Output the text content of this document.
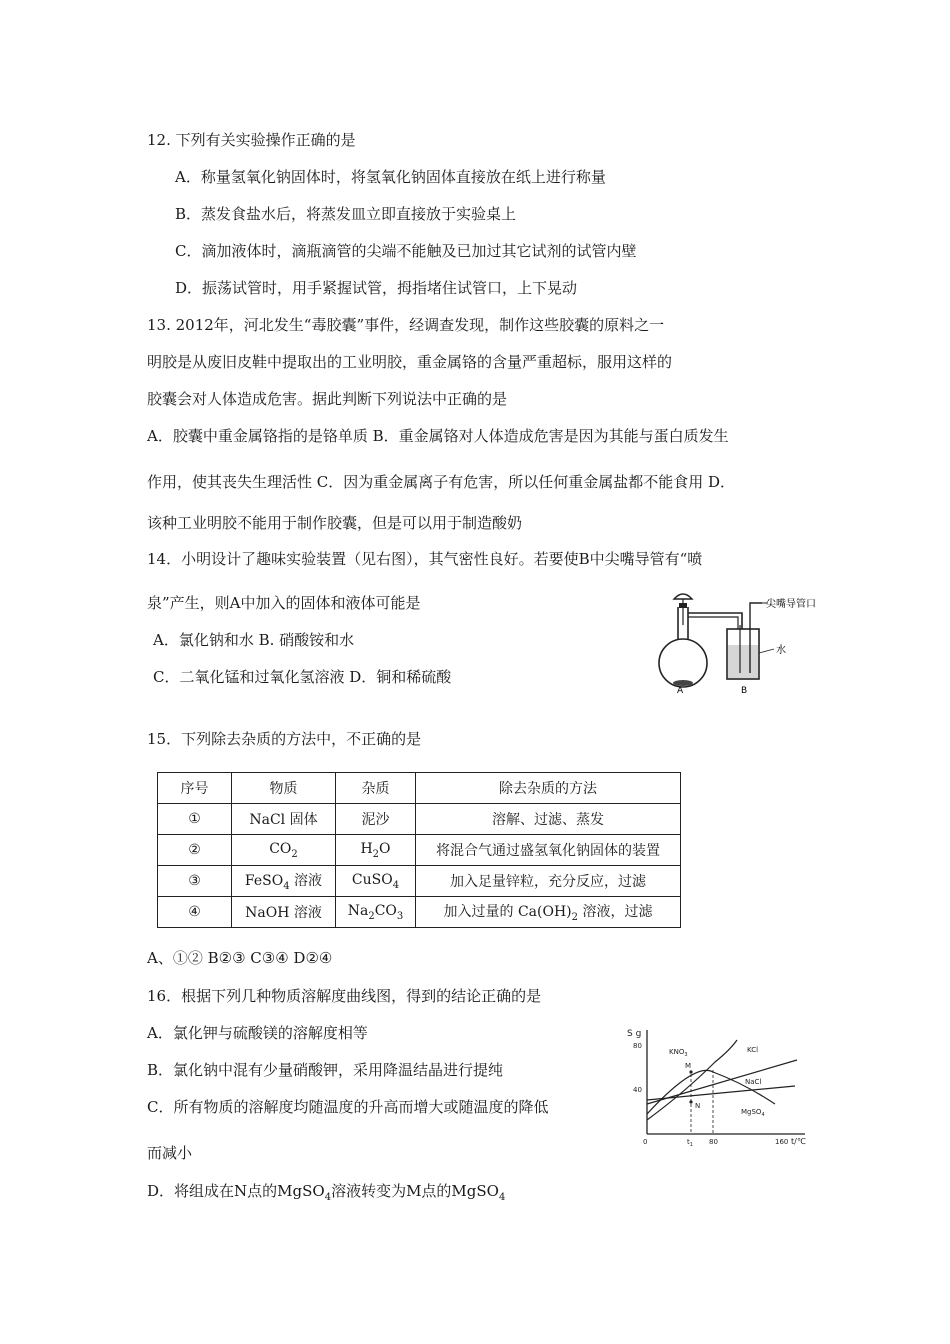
12. 下列有关实验操作正确的是
A．称量氢氧化钠固体时，将氢氧化钠固体直接放在纸上进行称量
B．蒸发食盐水后，将蒸发皿立即直接放于实验桌上
C．滴加液体时，滴瓶滴管的尖端不能触及已加过其它试剂的试管内壁
D．振荡试管时，用手紧握试管，拇指堵住试管口，上下晃动
13. 2012年，河北发生“毒胶囊”事件，经调查发现，制作这些胶囊的原料之一
明胶是从废旧皮鞋中提取出的工业明胶，重金属铬的含量严重超标，服用这样的
胶囊会对人体造成危害。据此判断下列说法中正确的是
A．胶囊中重金属铬指的是铬单质 B．重金属铬对人体造成危害是因为其能与蛋白质发生
作用，使其丧失生理活性 C．因为重金属离子有危害，所以任何重金属盐都不能食用 D．
该种工业明胶不能用于制作胶囊，但是可以用于制造酸奶
14．小明设计了趣味实验装置（见右图），其气密性良好。若要使B中尖嘴导管有“喷
泉”产生，则A中加入的固体和液体可能是
A．氯化钠和水 B. 硝酸铵和水
C．二氧化锰和过氧化氢溶液 D．铜和稀硫酸
尖嘴导管口
水
A	B
15．下列除去杂质的方法中，不正确的是
序号	物质	杂质	除去杂质的方法
①	NaCl 固体	泥沙	溶解、过滤、蒸发
②	$CO_2$	$H_2O$	将混合气通过盛氢氧化钠固体的装置
③	FeSO$_4$ 溶液	CuSO$_4$	加入足量锌粒，充分反应，过滤
④	NaOH 溶液	$Na_2CO_3$	加入过量的 $Ca(OH)_2$ 溶液，过滤
A、①② B②③ C③④ D②④
16．根据下列几种物质溶解度曲线图，得到的结论正确的是
A．氯化钾与硫酸镁的溶解度相等
B．氯化钠中混有少量硝酸钾，采用降温结晶进行提纯
C．所有物质的溶解度均随温度的升高而增大或随温度的降低
而减小
D．将组成在N点的MgSO$_4$溶液转变为M点的MgSO$_4$
S g
80
40
0	$t_1$ 80	160 t/℃
$KNO_3$
KCl
NaCl
MgSO$_4$
M
N
